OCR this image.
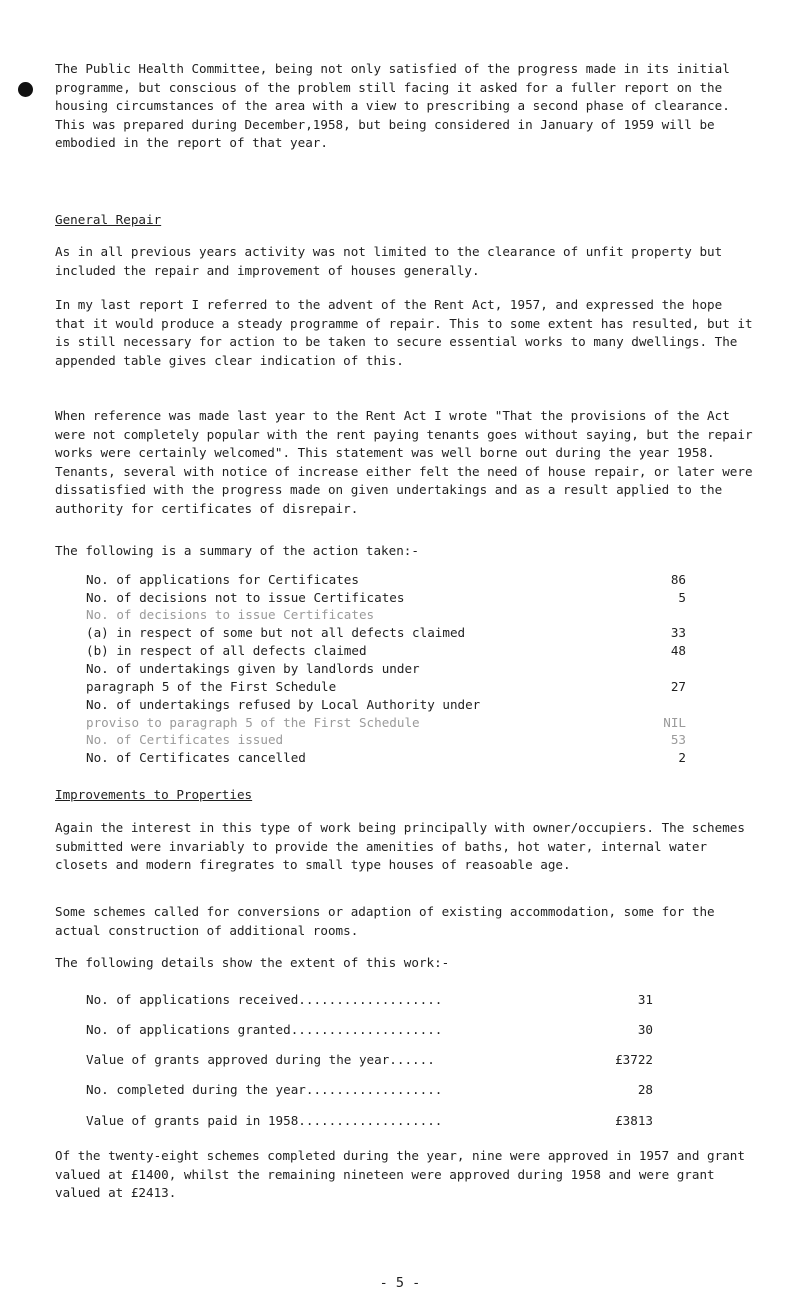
The Public Health Committee, being not only satisfied of the progress made in its initial programme, but conscious of the problem still facing it asked for a fuller report on the housing circumstances of the area with a view to prescribing a second phase of clearance. This was prepared during December,1958, but being considered in January of 1959 will be embodied in the report of that year.

General Repair

As in all previous years activity was not limited to the clearance of unfit property but included the repair and improvement of houses generally.

In my last report I referred to the advent of the Rent Act, 1957, and expressed the hope that it would produce a steady programme of repair. This to some extent has resulted, but it is still necessary for action to be taken to secure essential works to many dwellings. The appended table gives clear indication of this.

When reference was made last year to the Rent Act I wrote "That the provisions of the Act were not completely popular with the rent paying tenants goes without saying, but the repair works were certainly welcomed". This statement was well borne out during the year 1958. Tenants, several with notice of increase either felt the need of house repair, or later were dissatisfied with the progress made on given undertakings and as a result applied to the authority for certificates of disrepair.

The following is a summary of the action taken:-

No. of applications for Certificates	86
No. of decisions not to issue Certificates	5
No. of decisions to issue Certificates
(a) in respect of some but not all defects claimed	33
(b) in respect of all defects claimed	48
No. of undertakings given by landlords under
paragraph 5 of the First Schedule	27
No. of undertakings refused by Local Authority under
proviso to paragraph 5 of the First Schedule	NIL
No. of Certificates issued	53
No. of Certificates cancelled	2
Improvements to Properties

Again the interest in this type of work being principally with owner/occupiers. The schemes submitted were invariably to provide the amenities of baths, hot water, internal water closets and modern firegrates to small type houses of reasoable age.

Some schemes called for conversions or adaption of existing accommodation, some for the actual construction of additional rooms.

The following details show the extent of this work:-

No. of applications received...................	31
No. of applications granted....................	30
Value of grants approved during the year......	£3722
No. completed during the year..................	28
Value of grants paid in 1958...................	£3813

Of the twenty-eight schemes completed during the year, nine were approved in 1957 and grant valued at £1400, whilst the remaining nineteen were approved during 1958 and were grant valued at £2413.

- 5 -
